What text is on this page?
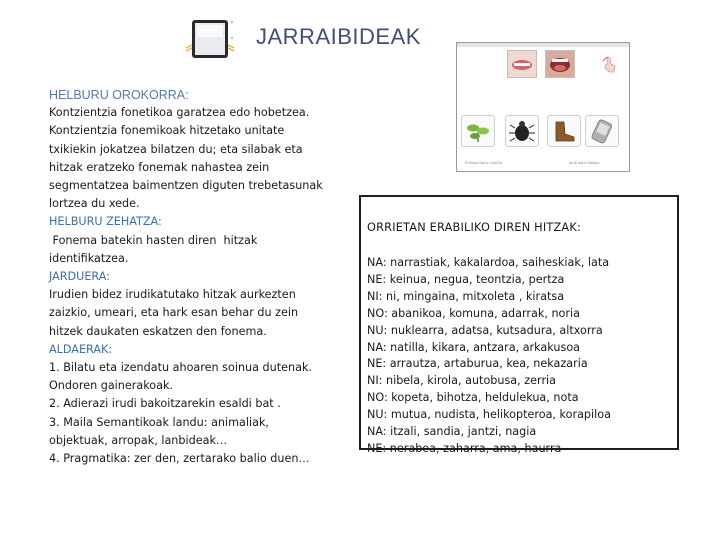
JARRAIBIDEAK
HELBURU OROKORRA:
Kontzientzia fonetikoa garatzea edo hobetzea.
Kontzientzia fonemikoak hitzetako unitate
txikiekin jokatzea bilatzen du; eta silabak eta
hitzak eratzeko fonemak nahastea zein
segmentatzea baimentzen diguten trebetasunak
lortzea du xede.
HELBURU ZEHATZA:
Fonema batekin hasten diren  hitzak
identifikatzea.
JARDUERA:
Irudien bidez irudikatutako hitzak aurkezten
zaizkio, umeari, eta hark esan behar du zein
hitzek daukaten eskatzen den fonema.
ALDAERAK:
1. Bilatu eta izendatu ahoaren soinua dutenak.
Ondoren gainerakoak.
2. Adierazi irudi bakoitzarekin esaldi bat .
3. Maila Semantikoak landu: animaliak,
objektuak, arropak, lanbideak…
4. Pragmatika: zer den, zertarako balio duen…
Erdizka Nora Castillo	Jordi Asiel Vallejo
ORRIETAN ERABILIKO DIREN HITZAK:
NA: narrastiak, kakalardoa, saiheskiak, lata
NE: keinua, negua, teontzia, pertza
NI: ni, mingaina, mitxoleta , kiratsa
NO: abanikoa, komuna, adarrak, noria
NU: nuklearra, adatsa, kutsadura, altxorra
NA: natilla, kikara, antzara, arkakusoa
NE: arrautza, artaburua, kea, nekazaria
NI: nibela, kirola, autobusa, zerria
NO: kopeta, bihotza, heldulekua, nota
NU: mutua, nudista, helikopteroa, korapiloa
NA: itzali, sandia, jantzi, nagia
NE: nerabea, zaharra, ama, haurra
